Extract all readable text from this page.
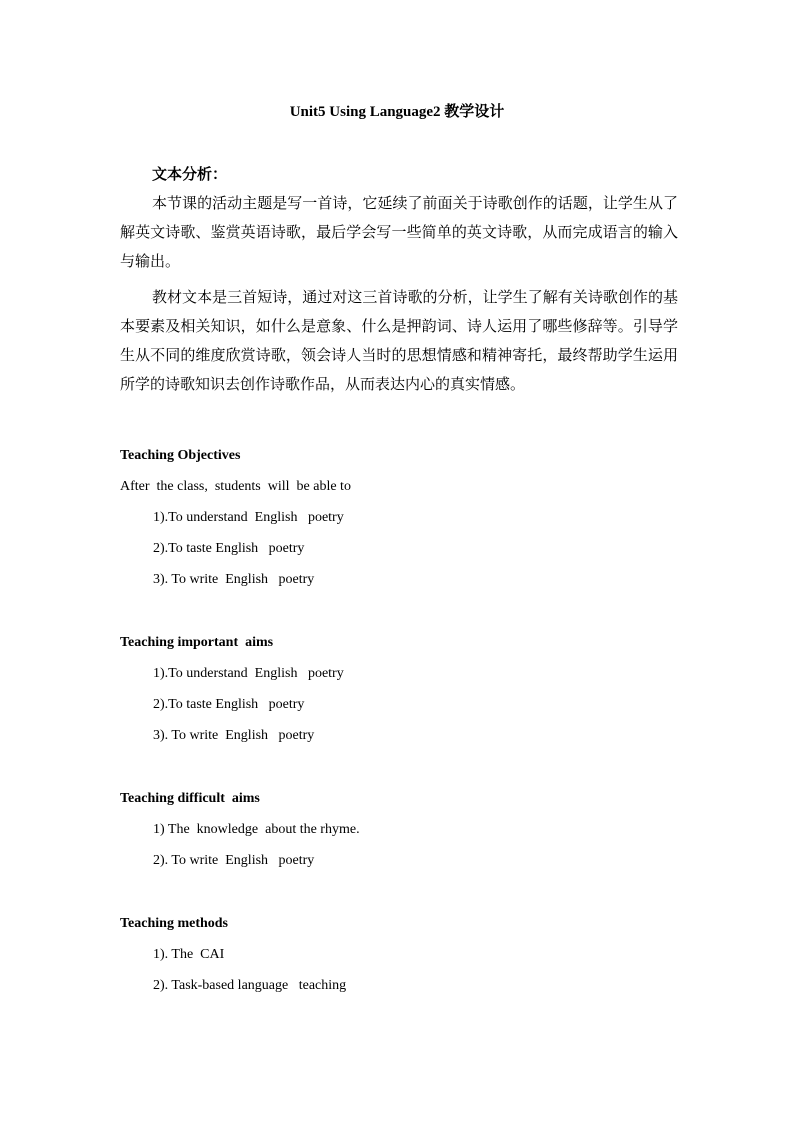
Unit5 Using Language2 教学设计
文本分析：
本节课的活动主题是写一首诗，它延续了前面关于诗歌创作的话题，让学生从了解英文诗歌、鉴赏英语诗歌，最后学会写一些简单的英文诗歌，从而完成语言的输入与输出。
教材文本是三首短诗，通过对这三首诗歌的分析，让学生了解有关诗歌创作的基本要素及相关知识，如什么是意象、什么是押韵词、诗人运用了哪些修辞等。引导学生从不同的维度欣赏诗歌，领会诗人当时的思想情感和精神寄托，最终帮助学生运用所学的诗歌知识去创作诗歌作品，从而表达内心的真实情感。
Teaching Objectives
After  the class,  students  will  be able to
1).To understand  English   poetry
2).To taste English   poetry
3). To write  English   poetry
Teaching important  aims
1).To understand  English   poetry
2).To taste English   poetry
3). To write  English   poetry
Teaching difficult  aims
1) The  knowledge  about the rhyme.
2). To write  English   poetry
Teaching methods
1). The  CAI
2). Task-based language   teaching
